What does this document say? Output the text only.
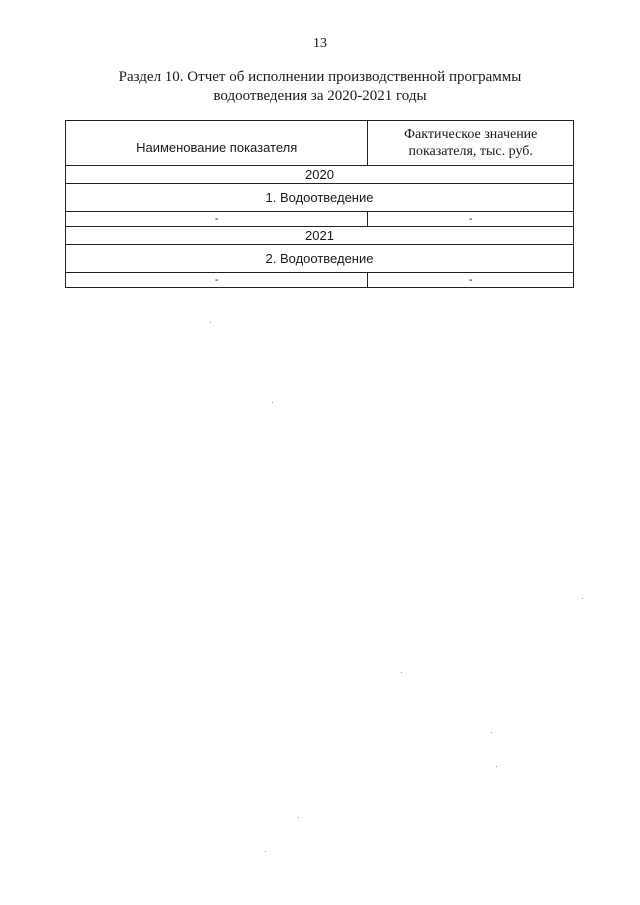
13
Раздел 10. Отчет об исполнении производственной программы
водоотведения за 2020-2021 годы
Наименование показателя	Фактическое значение показателя, тыс. руб.
2020	
1. Водоотведение	
-	-
2021	
2. Водоотведение	
-	-
